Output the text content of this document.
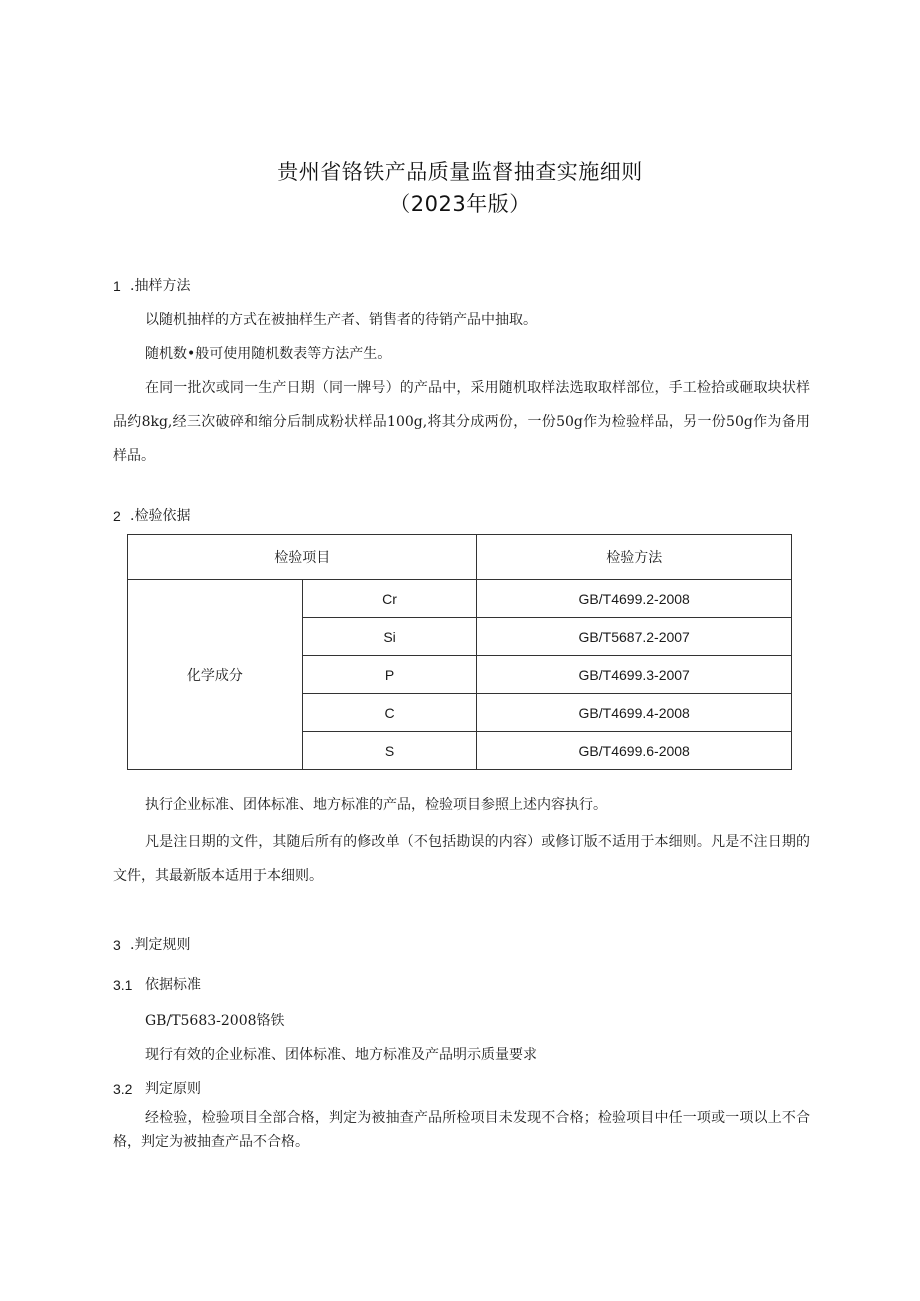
贵州省铬铁产品质量监督抽查实施细则
（2023年版）
1 .抽样方法
以随机抽样的方式在被抽样生产者、销售者的待销产品中抽取。
随机数•般可使用随机数表等方法产生。
在同一批次或同一生产日期（同一牌号）的产品中，采用随机取样法选取取样部位，手工检拾或砸取块状样品约8kg,经三次破碎和缩分后制成粉状样品100g,将其分成两份，一份50g作为检验样品，另一份50g作为备用样品。
2 .检验依据
检验项目		检验方法
化学成分	Cr	GB/T4699.2-2008
	Si	GB/T5687.2-2007
	P	GB/T4699.3-2007
	C	GB/T4699.4-2008
	S	GB/T4699.6-2008
执行企业标准、团体标准、地方标准的产品，检验项目参照上述内容执行。
凡是注日期的文件，其随后所有的修改单（不包括勘误的内容）或修订版不适用于本细则。凡是不注日期的文件，其最新版本适用于本细则。
3 .判定规则
3.1 依据标准
GB/T5683-2008铬铁
现行有效的企业标准、团体标准、地方标准及产品明示质量要求
3.2 判定原则
经检验，检验项目全部合格，判定为被抽查产品所检项目未发现不合格；检验项目中任一项或一项以上不合格，判定为被抽查产品不合格。
